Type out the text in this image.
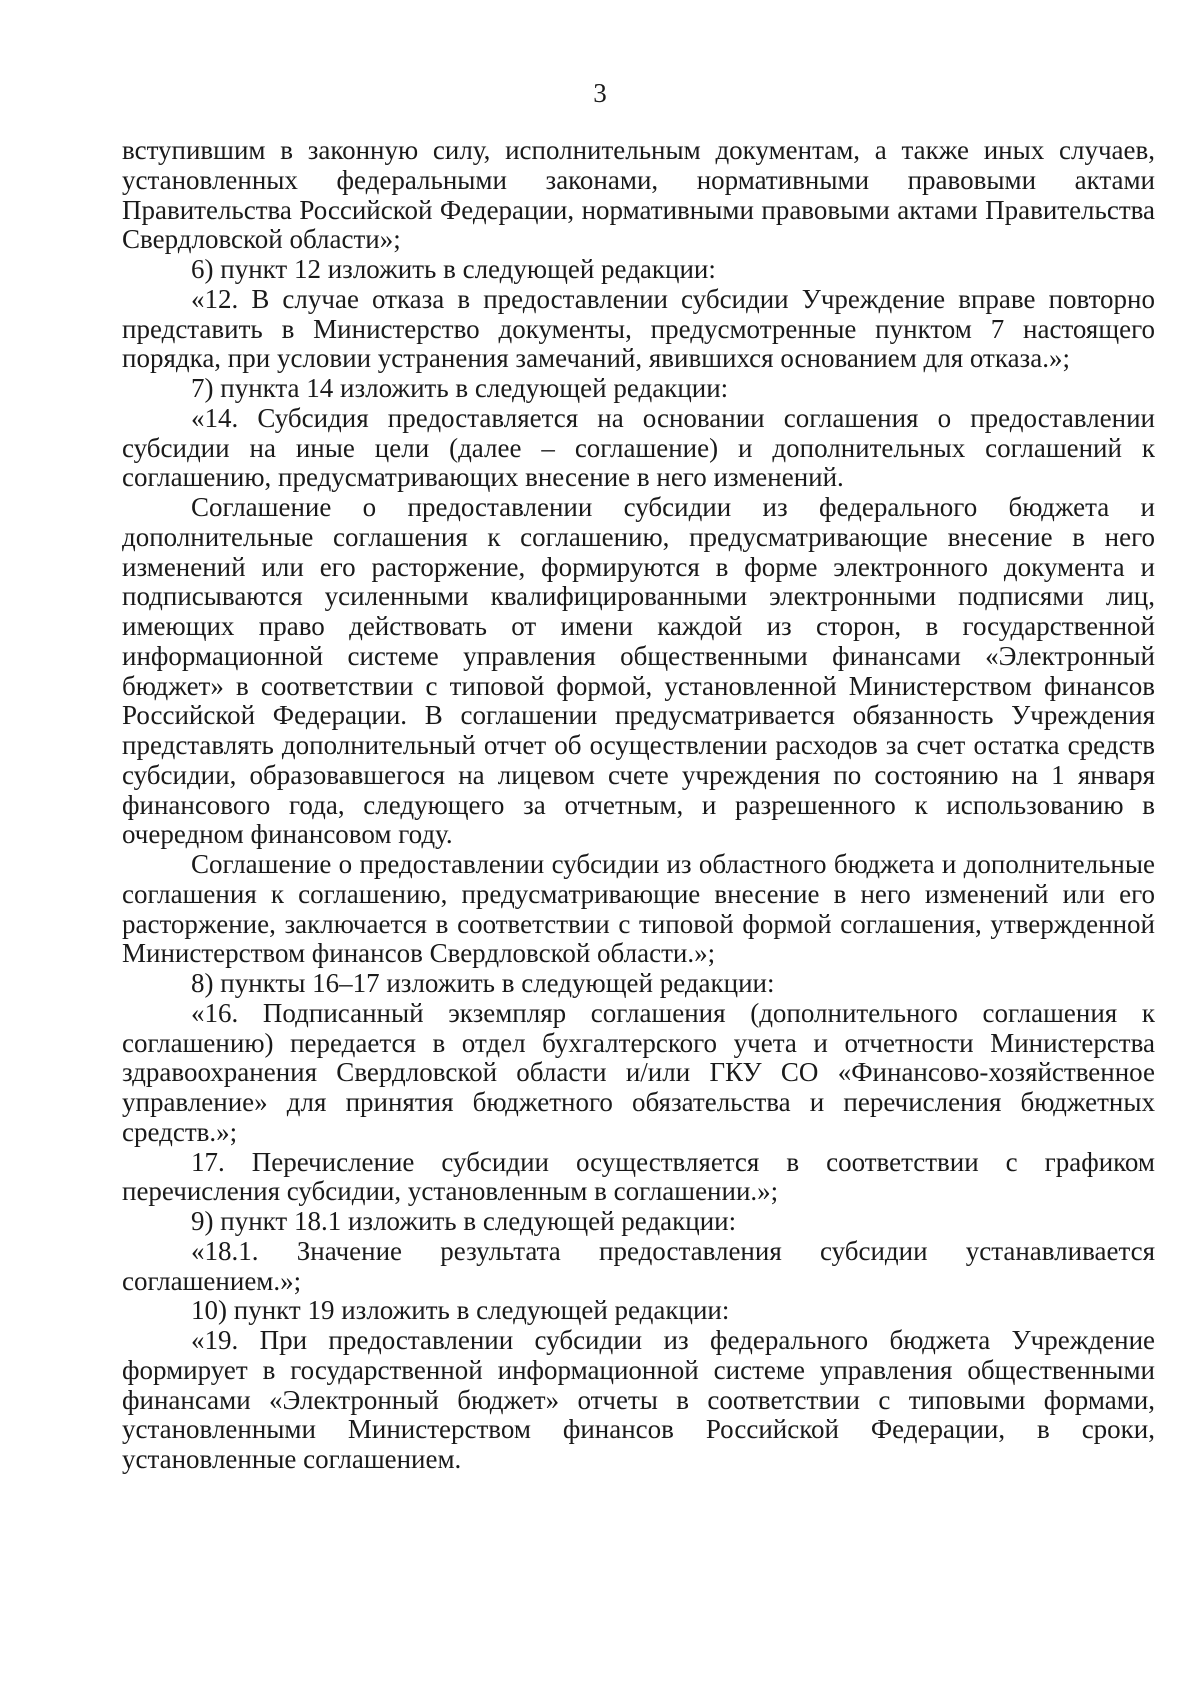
3

вступившим в законную силу, исполнительным документам, а также иных случаев, установленных федеральными законами, нормативными правовыми актами Правительства Российской Федерации, нормативными правовыми актами Правительства Свердловской области»;

6) пункт 12 изложить в следующей редакции:

«12. В случае отказа в предоставлении субсидии Учреждение вправе повторно представить в Министерство документы, предусмотренные пунктом 7 настоящего порядка, при условии устранения замечаний, явившихся основанием для отказа.»;

7) пункта 14 изложить в следующей редакции:

«14. Субсидия предоставляется на основании соглашения о предоставлении субсидии на иные цели (далее – соглашение) и дополнительных соглашений к соглашению, предусматривающих внесение в него изменений.

Соглашение о предоставлении субсидии из федерального бюджета и дополнительные соглашения к соглашению, предусматривающие внесение в него изменений или его расторжение, формируются в форме электронного документа и подписываются усиленными квалифицированными электронными подписями лиц, имеющих право действовать от имени каждой из сторон, в государственной информационной системе управления общественными финансами «Электронный бюджет» в соответствии с типовой формой, установленной Министерством финансов Российской Федерации. В соглашении предусматривается обязанность Учреждения представлять дополнительный отчет об осуществлении расходов за счет остатка средств субсидии, образовавшегося на лицевом счете учреждения по состоянию на 1 января финансового года, следующего за отчетным, и разрешенного к использованию в очередном финансовом году.

Соглашение о предоставлении субсидии из областного бюджета и дополнительные соглашения к соглашению, предусматривающие внесение в него изменений или его расторжение, заключается в соответствии с типовой формой соглашения, утвержденной Министерством финансов Свердловской области.»;

8) пункты 16–17 изложить в следующей редакции:

«16. Подписанный экземпляр соглашения (дополнительного соглашения к соглашению) передается в отдел бухгалтерского учета и отчетности Министерства здравоохранения Свердловской области и/или ГКУ СО «Финансово-хозяйственное управление» для принятия бюджетного обязательства и перечисления бюджетных средств.»;

17. Перечисление субсидии осуществляется в соответствии с графиком перечисления субсидии, установленным в соглашении.»;

9) пункт 18.1 изложить в следующей редакции:

«18.1. Значение результата предоставления субсидии устанавливается соглашением.»;

10) пункт 19 изложить в следующей редакции:

«19. При предоставлении субсидии из федерального бюджета Учреждение формирует в государственной информационной системе управления общественными финансами «Электронный бюджет» отчеты в соответствии с типовыми формами, установленными Министерством финансов Российской Федерации, в сроки, установленные соглашением.
